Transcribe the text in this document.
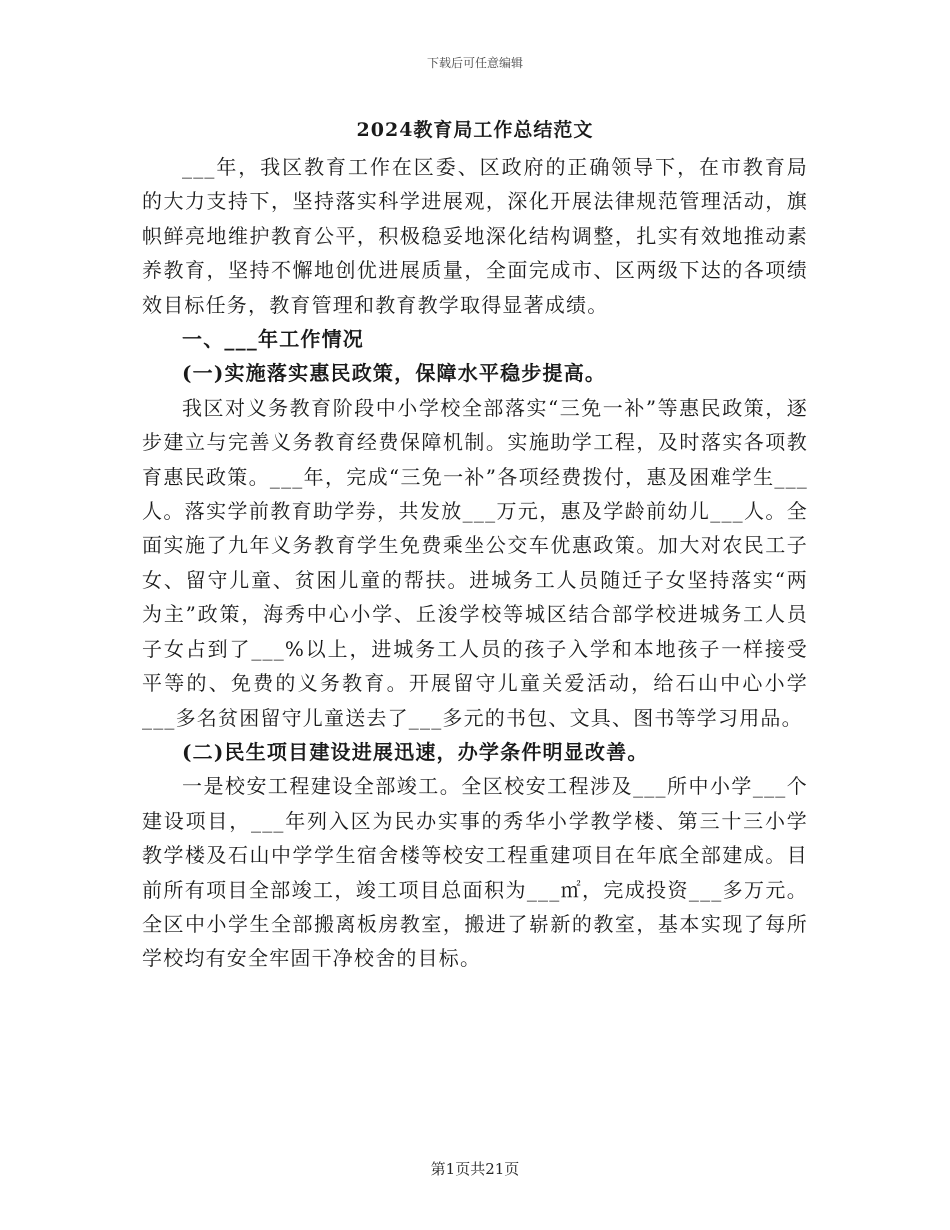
下载后可任意编辑
2024教育局工作总结范文

___年，我区教育工作在区委、区政府的正确领导下，在市教育局的大力支持下，坚持落实科学进展观，深化开展法律规范管理活动，旗帜鲜亮地维护教育公平，积极稳妥地深化结构调整，扎实有效地推动素养教育，坚持不懈地创优进展质量，全面完成市、区两级下达的各项绩效目标任务，教育管理和教育教学取得显著成绩。

一、___年工作情况

(一)实施落实惠民政策，保障水平稳步提高。

我区对义务教育阶段中小学校全部落实“三免一补”等惠民政策，逐步建立与完善义务教育经费保障机制。实施助学工程，及时落实各项教育惠民政策。___年，完成“三免一补”各项经费拨付，惠及困难学生___人。落实学前教育助学券，共发放___万元，惠及学龄前幼儿___人。全面实施了九年义务教育学生免费乘坐公交车优惠政策。加大对农民工子女、留守儿童、贫困儿童的帮扶。进城务工人员随迁子女坚持落实“两为主”政策，海秀中心小学、丘浚学校等城区结合部学校进城务工人员子女占到了___%以上，进城务工人员的孩子入学和本地孩子一样接受平等的、免费的义务教育。开展留守儿童关爱活动，给石山中心小学___多名贫困留守儿童送去了___多元的书包、文具、图书等学习用品。

(二)民生项目建设进展迅速，办学条件明显改善。

一是校安工程建设全部竣工。全区校安工程涉及___所中小学___个建设项目，___年列入区为民办实事的秀华小学教学楼、第三十三小学教学楼及石山中学学生宿舍楼等校安工程重建项目在年底全部建成。目前所有项目全部竣工，竣工项目总面积为___㎡，完成投资___多万元。全区中小学生全部搬离板房教室，搬进了崭新的教室，基本实现了每所学校均有安全牢固干净校舍的目标。

第1页共21页
